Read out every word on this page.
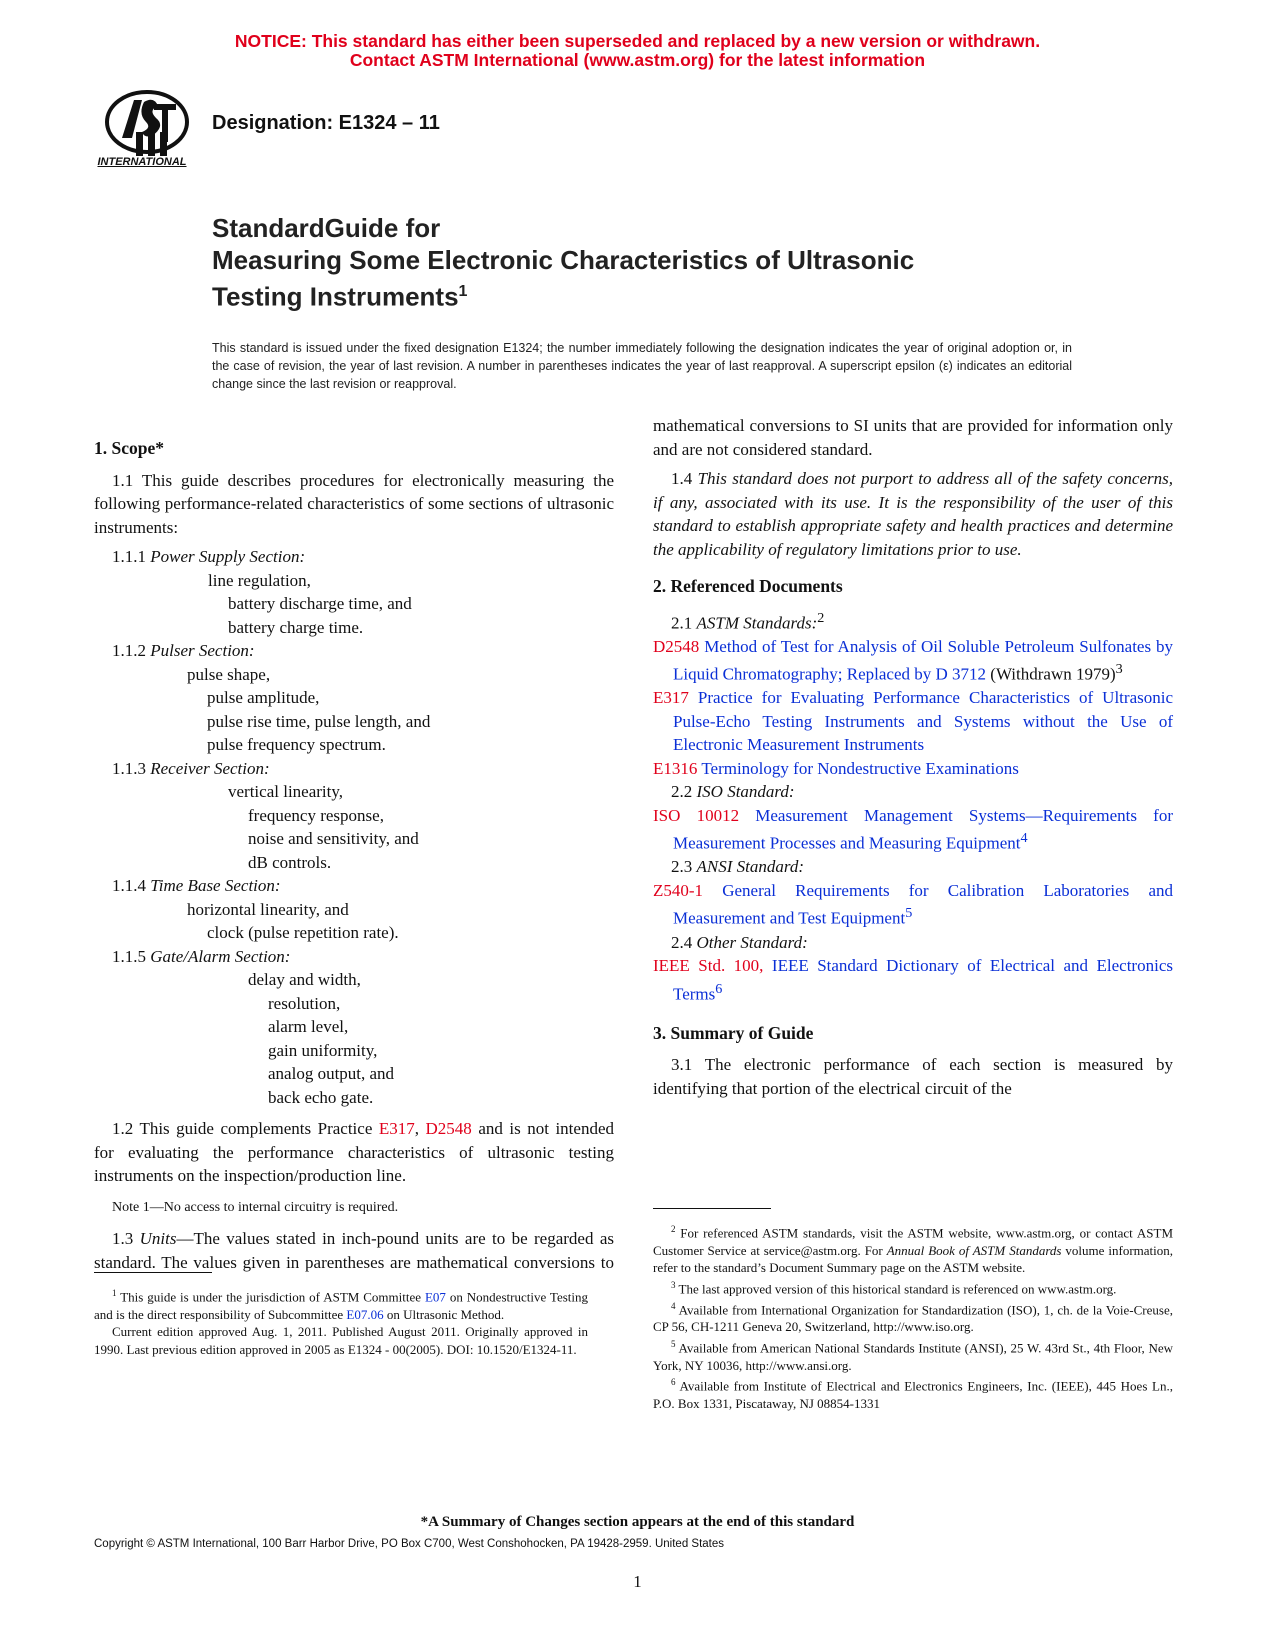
NOTICE: This standard has either been superseded and replaced by a new version or withdrawn.
Contact ASTM International (www.astm.org) for the latest information
INTERNATIONAL
Designation: E1324 – 11
StandardGuide for
Measuring Some Electronic Characteristics of Ultrasonic
Testing Instruments$^1$
This standard is issued under the fixed designation E1324; the number immediately following the designation indicates the year of original adoption or, in the case of revision, the year of last revision. A number in parentheses indicates the year of last reapproval. A superscript epsilon (ε) indicates an editorial change since the last revision or reapproval.
1. Scope*

1.1 This guide describes procedures for electronically measuring the following performance-related characteristics of some sections of ultrasonic instruments:

1.1.1 Power Supply Section:

line regulation,
battery discharge time, and
battery charge time.

1.1.2 Pulser Section:

pulse shape,
pulse amplitude,
pulse rise time, pulse length, and
pulse frequency spectrum.

1.1.3 Receiver Section:

vertical linearity,
frequency response,
noise and sensitivity, and
dB controls.

1.1.4 Time Base Section:

horizontal linearity, and
clock (pulse repetition rate).

1.1.5 Gate/Alarm Section:

delay and width,
resolution,
alarm level,
gain uniformity,
analog output, and
back echo gate.

1.2 This guide complements Practice E317, D2548 and is not intended for evaluating the performance characteristics of ultrasonic testing instruments on the inspection/production line.

Note 1—No access to internal circuitry is required.

1.3 Units—The values stated in inch-pound units are to be regarded as standard. The values given in parentheses are mathematical conversions to

$^1$ This guide is under the jurisdiction of ASTM Committee E07 on Nondestructive Testing and is the direct responsibility of Subcommittee E07.06 on Ultrasonic Method.

Current edition approved Aug. 1, 2011. Published August 2011. Originally approved in 1990. Last previous edition approved in 2005 as E1324 - 00(2005). DOI: 10.1520/E1324-11.

mathematical conversions to SI units that are provided for information only and are not considered standard.

1.4 This standard does not purport to address all of the safety concerns, if any, associated with its use. It is the responsibility of the user of this standard to establish appropriate safety and health practices and determine the applicability of regulatory limitations prior to use.

2. Referenced Documents

2.1 ASTM Standards:$^2$

D2548 Method of Test for Analysis of Oil Soluble Petroleum Sulfonates by Liquid Chromatography; Replaced by D 3712 (Withdrawn 1979)$^3$

E317 Practice for Evaluating Performance Characteristics of Ultrasonic Pulse-Echo Testing Instruments and Systems without the Use of Electronic Measurement Instruments

E1316 Terminology for Nondestructive Examinations

2.2 ISO Standard:

ISO 10012 Measurement Management Systems—Requirements for Measurement Processes and Measuring Equipment$^4$

2.3 ANSI Standard:

Z540-1 General Requirements for Calibration Laboratories and Measurement and Test Equipment$^5$

2.4 Other Standard:

IEEE Std. 100, IEEE Standard Dictionary of Electrical and Electronics Terms$^6$

3. Summary of Guide

3.1 The electronic performance of each section is measured by identifying that portion of the electrical circuit of the

$^2$ For referenced ASTM standards, visit the ASTM website, www.astm.org, or contact ASTM Customer Service at service@astm.org. For Annual Book of ASTM Standards volume information, refer to the standard’s Document Summary page on the ASTM website.

$^3$ The last approved version of this historical standard is referenced on www.astm.org.

$^4$ Available from International Organization for Standardization (ISO), 1, ch. de la Voie-Creuse, CP 56, CH-1211 Geneva 20, Switzerland, http://www.iso.org.

$^5$ Available from American National Standards Institute (ANSI), 25 W. 43rd St., 4th Floor, New York, NY 10036, http://www.ansi.org.

$^6$ Available from Institute of Electrical and Electronics Engineers, Inc. (IEEE), 445 Hoes Ln., P.O. Box 1331, Piscataway, NJ 08854-1331

*A Summary of Changes section appears at the end of this standard
Copyright © ASTM International, 100 Barr Harbor Drive, PO Box C700, West Conshohocken, PA 19428-2959. United States
1
